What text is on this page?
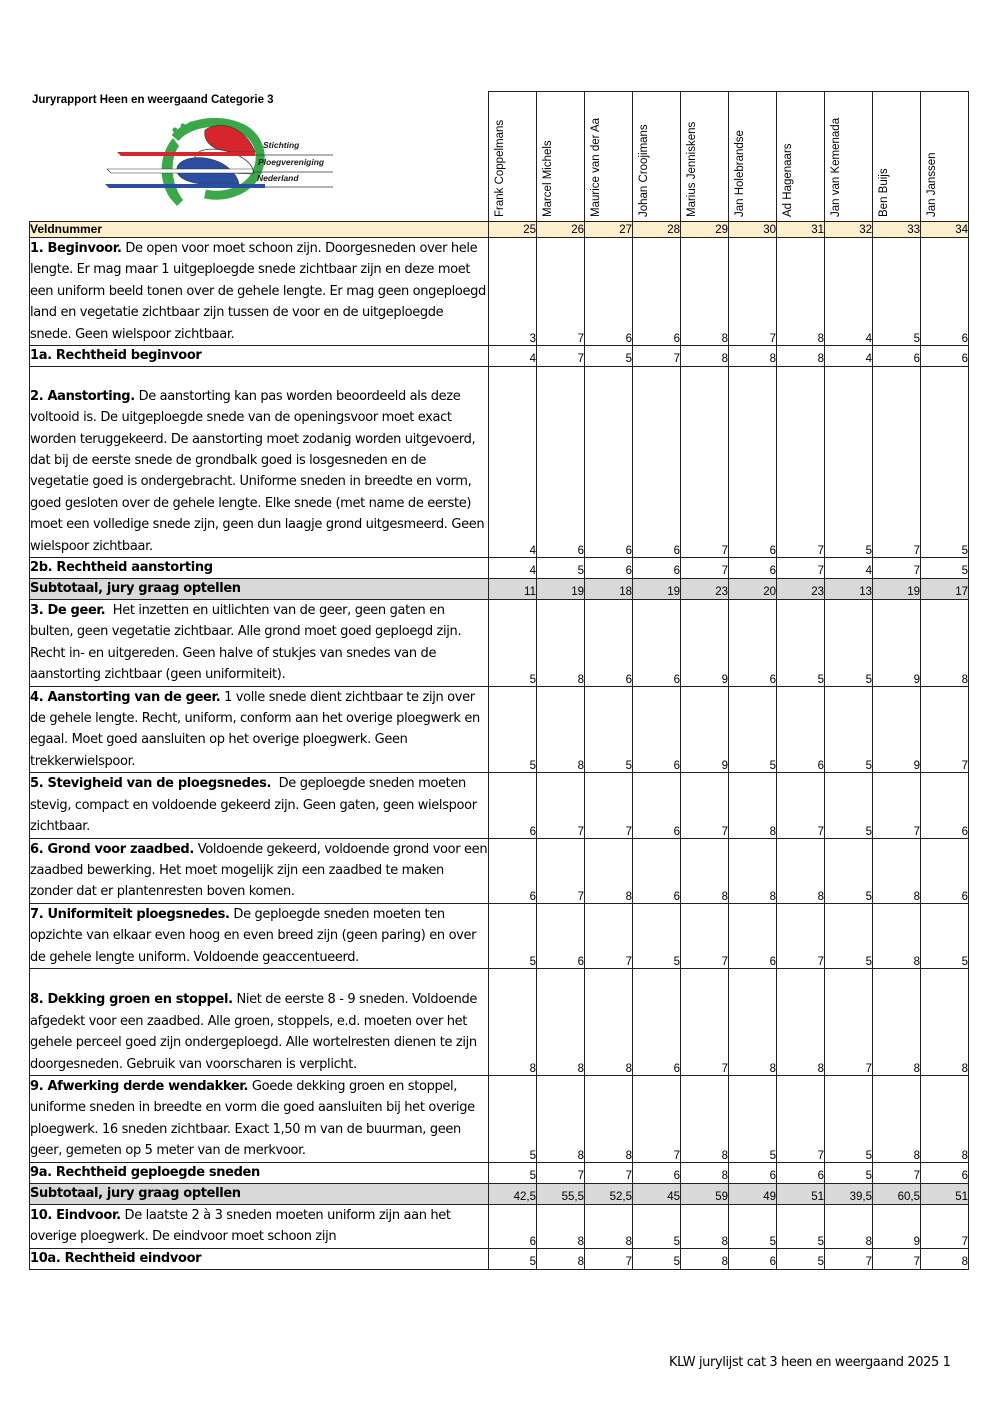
Juryrapport Heen en weergaand Categorie 3
Stichting
Ploegvereniging
Nederland

	Frank Coppelmans	Marcel Michels	Maurice van der Aa	Johan Croojimans	Marius Jenniskens	Jan Holebrandse	Ad Hagenaars	Jan van Kemenada	Ben Buijs	Jan Janssen

Veldnummer	25	26	27	28	29	30	31	32	33	34
1. Beginvoor. De open voor moet schoon zijn. Doorgesneden over hele lengte. Er mag maar 1 uitgeploegde snede zichtbaar zijn en deze moet een uniform beeld tonen over de gehele lengte. Er mag geen ongeploegd land en vegetatie zichtbaar zijn tussen de voor en de uitgeploegde snede. Geen wielspoor zichtbaar.	3	7	6	6	8	7	8	4	5	6
1a. Rechtheid beginvoor	4	7	5	7	8	8	8	4	6	6
2. Aanstorting. De aanstorting kan pas worden beoordeeld als deze voltooid is. De uitgeploegde snede van de openingsvoor moet exact worden teruggekeerd. De aanstorting moet zodanig worden uitgevoerd, dat bij de eerste snede de grondbalk goed is losgesneden en de vegetatie goed is ondergebracht. Uniforme sneden in breedte en vorm, goed gesloten over de gehele lengte. Elke snede (met name de eerste) moet een volledige snede zijn, geen dun laagje grond uitgesmeerd. Geen wielspoor zichtbaar.	4	6	6	6	7	6	7	5	7	5
2b. Rechtheid aanstorting	4	5	6	6	7	6	7	4	7	5
Subtotaal, jury graag optellen	11	19	18	19	23	20	23	13	19	17
3. De geer.  Het inzetten en uitlichten van de geer, geen gaten en bulten, geen vegetatie zichtbaar. Alle grond moet goed geploegd zijn. Recht in- en uitgereden. Geen halve of stukjes van snedes van de aanstorting zichtbaar (geen uniformiteit).	5	8	6	6	9	6	5	5	9	8
4. Aanstorting van de geer. 1 volle snede dient zichtbaar te zijn over de gehele lengte. Recht, uniform, conform aan het overige ploegwerk en egaal. Moet goed aansluiten op het overige ploegwerk. Geen trekkerwielspoor.	5	8	5	6	9	5	6	5	9	7
5. Stevigheid van de ploegsnedes.  De geploegde sneden moeten stevig, compact en voldoende gekeerd zijn. Geen gaten, geen wielspoor zichtbaar.	6	7	7	6	7	8	7	5	7	6
6. Grond voor zaadbed. Voldoende gekeerd, voldoende grond voor een zaadbed bewerking. Het moet mogelijk zijn een zaadbed te maken zonder dat er plantenresten boven komen.	6	7	8	6	8	8	8	5	8	6
7. Uniformiteit ploegsnedes. De geploegde sneden moeten ten opzichte van elkaar even hoog en even breed zijn (geen paring) en over de gehele lengte uniform. Voldoende geaccentueerd.	5	6	7	5	7	6	7	5	8	5
8. Dekking groen en stoppel. Niet de eerste 8 - 9 sneden. Voldoende afgedekt voor een zaadbed. Alle groen, stoppels, e.d. moeten over het gehele perceel goed zijn ondergeploegd. Alle wortelresten dienen te zijn doorgesneden. Gebruik van voorscharen is verplicht.	8	8	8	6	7	8	8	7	8	8
9. Afwerking derde wendakker. Goede dekking groen en stoppel, uniforme sneden in breedte en vorm die goed aansluiten bij het overige ploegwerk. 16 sneden zichtbaar. Exact 1,50 m van de buurman, geen geer, gemeten op 5 meter van de merkvoor.	5	8	8	7	8	5	7	5	8	8
9a. Rechtheid geploegde sneden	5	7	7	6	8	6	6	5	7	6
Subtotaal, jury graag optellen	42,5	55,5	52,5	45	59	49	51	39,5	60,5	51
10. Eindvoor. De laatste 2 à 3 sneden moeten uniform zijn aan het overige ploegwerk. De eindvoor moet schoon zijn	6	8	8	5	8	5	5	8	9	7
10a. Rechtheid eindvoor	5	8	7	5	8	6	5	7	7	8
KLW jurylijst cat 3 heen en weergaand 2025 1
